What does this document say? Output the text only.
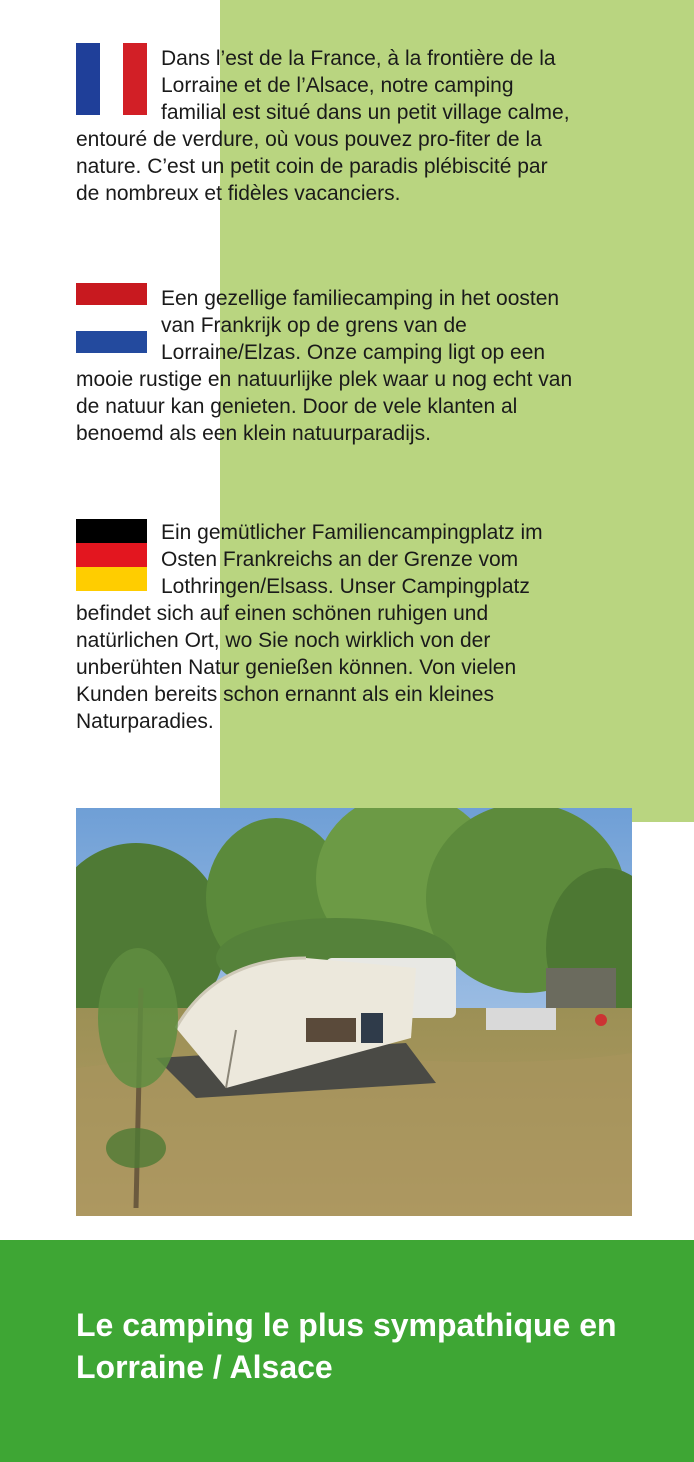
Dans l’est de la France, à la frontière de la Lorraine et de l’Alsace, notre camping familial est situé dans un petit village calme, entouré de verdure, où vous pouvez pro-fiter de la nature. C’est un petit coin de paradis plébiscité par de nombreux et fidèles vacanciers.

Een gezellige familiecamping in het oosten van Frankrijk op de grens van de Lorraine/Elzas. Onze camping ligt op een mooie rustige en natuurlijke plek waar u nog echt van de natuur kan genieten. Door de vele klanten al benoemd als een klein natuurparadijs.

Ein gemütlicher Familiencampingplatz im Osten Frankreichs an der Grenze vom Lothringen/Elsass. Unser Campingplatz befindet sich auf einen schönen ruhigen und natürlichen Ort, wo Sie noch wirklich von der unberühten Natur genießen können. Von vielen Kunden bereits schon ernannt als ein kleines Naturparadies.

Le camping le plus sympathique en Lorraine / Alsace
